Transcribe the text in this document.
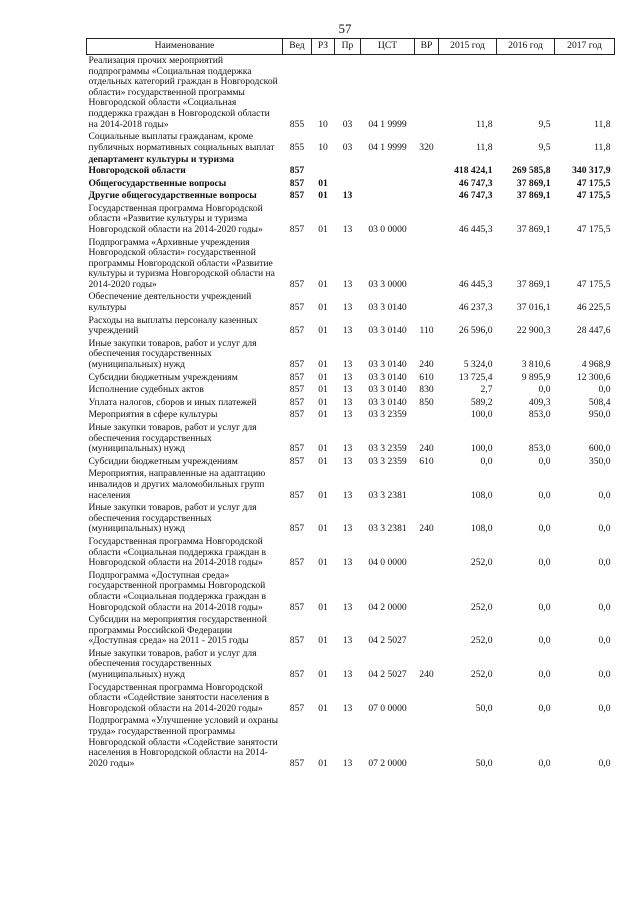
57
Наименование	Вед	РЗ	Пр	ЦСТ	ВР	2015 год	2016 год	2017 год
Реализация прочих мероприятий подпрограммы «Социальная поддержка отдельных категорий граждан в Новгородской области» государственной программы Новгородской области «Социальная поддержка граждан в Новгородской области на 2014-2018 годы»	855	10	03	04 1 9999		11,8	9,5	11,8
Социальные выплаты гражданам, кроме публичных нормативных социальных выплат	855	10	03	04 1 9999	320	11,8	9,5	11,8
департамент культуры и туризма Новгородской области	857					418 424,1	269 585,8	340 317,9
Общегосударственные вопросы	857	01				46 747,3	37 869,1	47 175,5
Другие общегосударственные вопросы	857	01	13			46 747,3	37 869,1	47 175,5
Государственная программа Новгородской области «Развитие культуры и туризма Новгородской области на 2014-2020 годы»	857	01	13	03 0 0000		46 445,3	37 869,1	47 175,5
Подпрограмма «Архивные учреждения Новгородской области» государственной программы Новгородской области «Развитие культуры и туризма Новгородской области на 2014-2020 годы»	857	01	13	03 3 0000		46 445,3	37 869,1	47 175,5
Обеспечение деятельности учреждений культуры	857	01	13	03 3 0140		46 237,3	37 016,1	46 225,5
Расходы на выплаты персоналу казенных учреждений	857	01	13	03 3 0140	110	26 596,0	22 900,3	28 447,6
Иные закупки товаров, работ и услуг для обеспечения государственных (муниципальных) нужд	857	01	13	03 3 0140	240	5 324,0	3 810,6	4 968,9
Субсидии бюджетным учреждениям	857	01	13	03 3 0140	610	13 725,4	9 895,9	12 300,6
Исполнение судебных актов	857	01	13	03 3 0140	830	2,7	0,0	0,0
Уплата налогов, сборов и иных платежей	857	01	13	03 3 0140	850	589,2	409,3	508,4
Мероприятия в сфере культуры	857	01	13	03 3 2359		100,0	853,0	950,0
Иные закупки товаров, работ и услуг для обеспечения государственных (муниципальных) нужд	857	01	13	03 3 2359	240	100,0	853,0	600,0
Субсидии бюджетным учреждениям	857	01	13	03 3 2359	610	0,0	0,0	350,0
Мероприятия, направленные на адаптацию инвалидов и других маломобильных групп населения	857	01	13	03 3 2381		108,0	0,0	0,0
Иные закупки товаров, работ и услуг для обеспечения государственных (муниципальных) нужд	857	01	13	03 3 2381	240	108,0	0,0	0,0
Государственная программа Новгородской области «Социальная поддержка граждан в Новгородской области на 2014-2018 годы»	857	01	13	04 0 0000		252,0	0,0	0,0
Подпрограмма «Доступная среда» государственной программы Новгородской области «Социальная поддержка граждан в Новгородской области на 2014-2018 годы»	857	01	13	04 2 0000		252,0	0,0	0,0
Субсидии на мероприятия государственной программы Российской Федерации «Доступная среда» на 2011 - 2015 годы	857	01	13	04 2 5027		252,0	0,0	0,0
Иные закупки товаров, работ и услуг для обеспечения государственных (муниципальных) нужд	857	01	13	04 2 5027	240	252,0	0,0	0,0
Государственная программа Новгородской области «Содействие занятости населения в Новгородской области на 2014-2020 годы»	857	01	13	07 0 0000		50,0	0,0	0,0
Подпрограмма «Улучшение условий и охраны труда» государственной программы Новгородской области «Содействие занятости населения в Новгородской области на 2014-2020 годы»	857	01	13	07 2 0000		50,0	0,0	0,0
